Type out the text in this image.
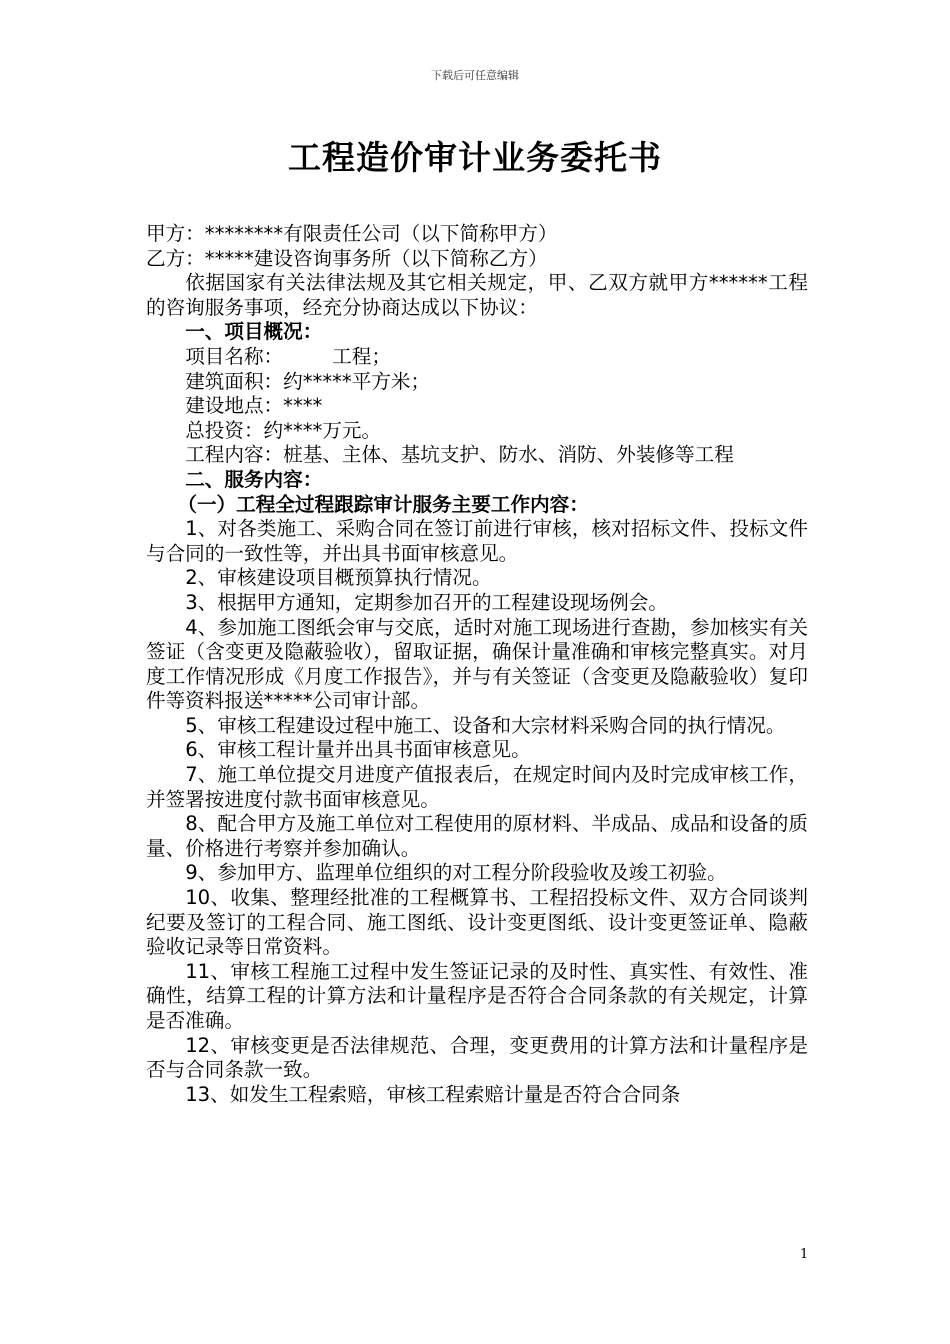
下载后可任意编辑
工程造价审计业务委托书

甲方：********有限责任公司（以下简称甲方）

乙方：*****建设咨询事务所（以下简称乙方）

依据国家有关法律法规及其它相关规定，甲、乙双方就甲方******工程的咨询服务事项，经充分协商达成以下协议：

一、项目概况：

项目名称：　　　工程；

建筑面积：约*****平方米；

建设地点：****

总投资：约****万元。

工程内容：桩基、主体、基坑支护、防水、消防、外装修等工程

二、服务内容：

（一）工程全过程跟踪审计服务主要工作内容：

1、对各类施工、采购合同在签订前进行审核，核对招标文件、投标文件与合同的一致性等，并出具书面审核意见。

2、审核建设项目概预算执行情况。

3、根据甲方通知，定期参加召开的工程建设现场例会。

4、参加施工图纸会审与交底，适时对施工现场进行查勘，参加核实有关签证（含变更及隐蔽验收），留取证据，确保计量准确和审核完整真实。对月度工作情况形成《月度工作报告》，并与有关签证（含变更及隐蔽验收）复印件等资料报送*****公司审计部。

5、审核工程建设过程中施工、设备和大宗材料采购合同的执行情况。

6、审核工程计量并出具书面审核意见。

7、施工单位提交月进度产值报表后，在规定时间内及时完成审核工作，并签署按进度付款书面审核意见。

8、配合甲方及施工单位对工程使用的原材料、半成品、成品和设备的质量、价格进行考察并参加确认。

9、参加甲方、监理单位组织的对工程分阶段验收及竣工初验。

10、收集、整理经批准的工程概算书、工程招投标文件、双方合同谈判纪要及签订的工程合同、施工图纸、设计变更图纸、设计变更签证单、隐蔽验收记录等日常资料。

11、审核工程施工过程中发生签证记录的及时性、真实性、有效性、准确性，结算工程的计算方法和计量程序是否符合合同条款的有关规定，计算是否准确。

12、审核变更是否法律规范、合理，变更费用的计算方法和计量程序是否与合同条款一致。

13、如发生工程索赔，审核工程索赔计量是否符合合同条

1
